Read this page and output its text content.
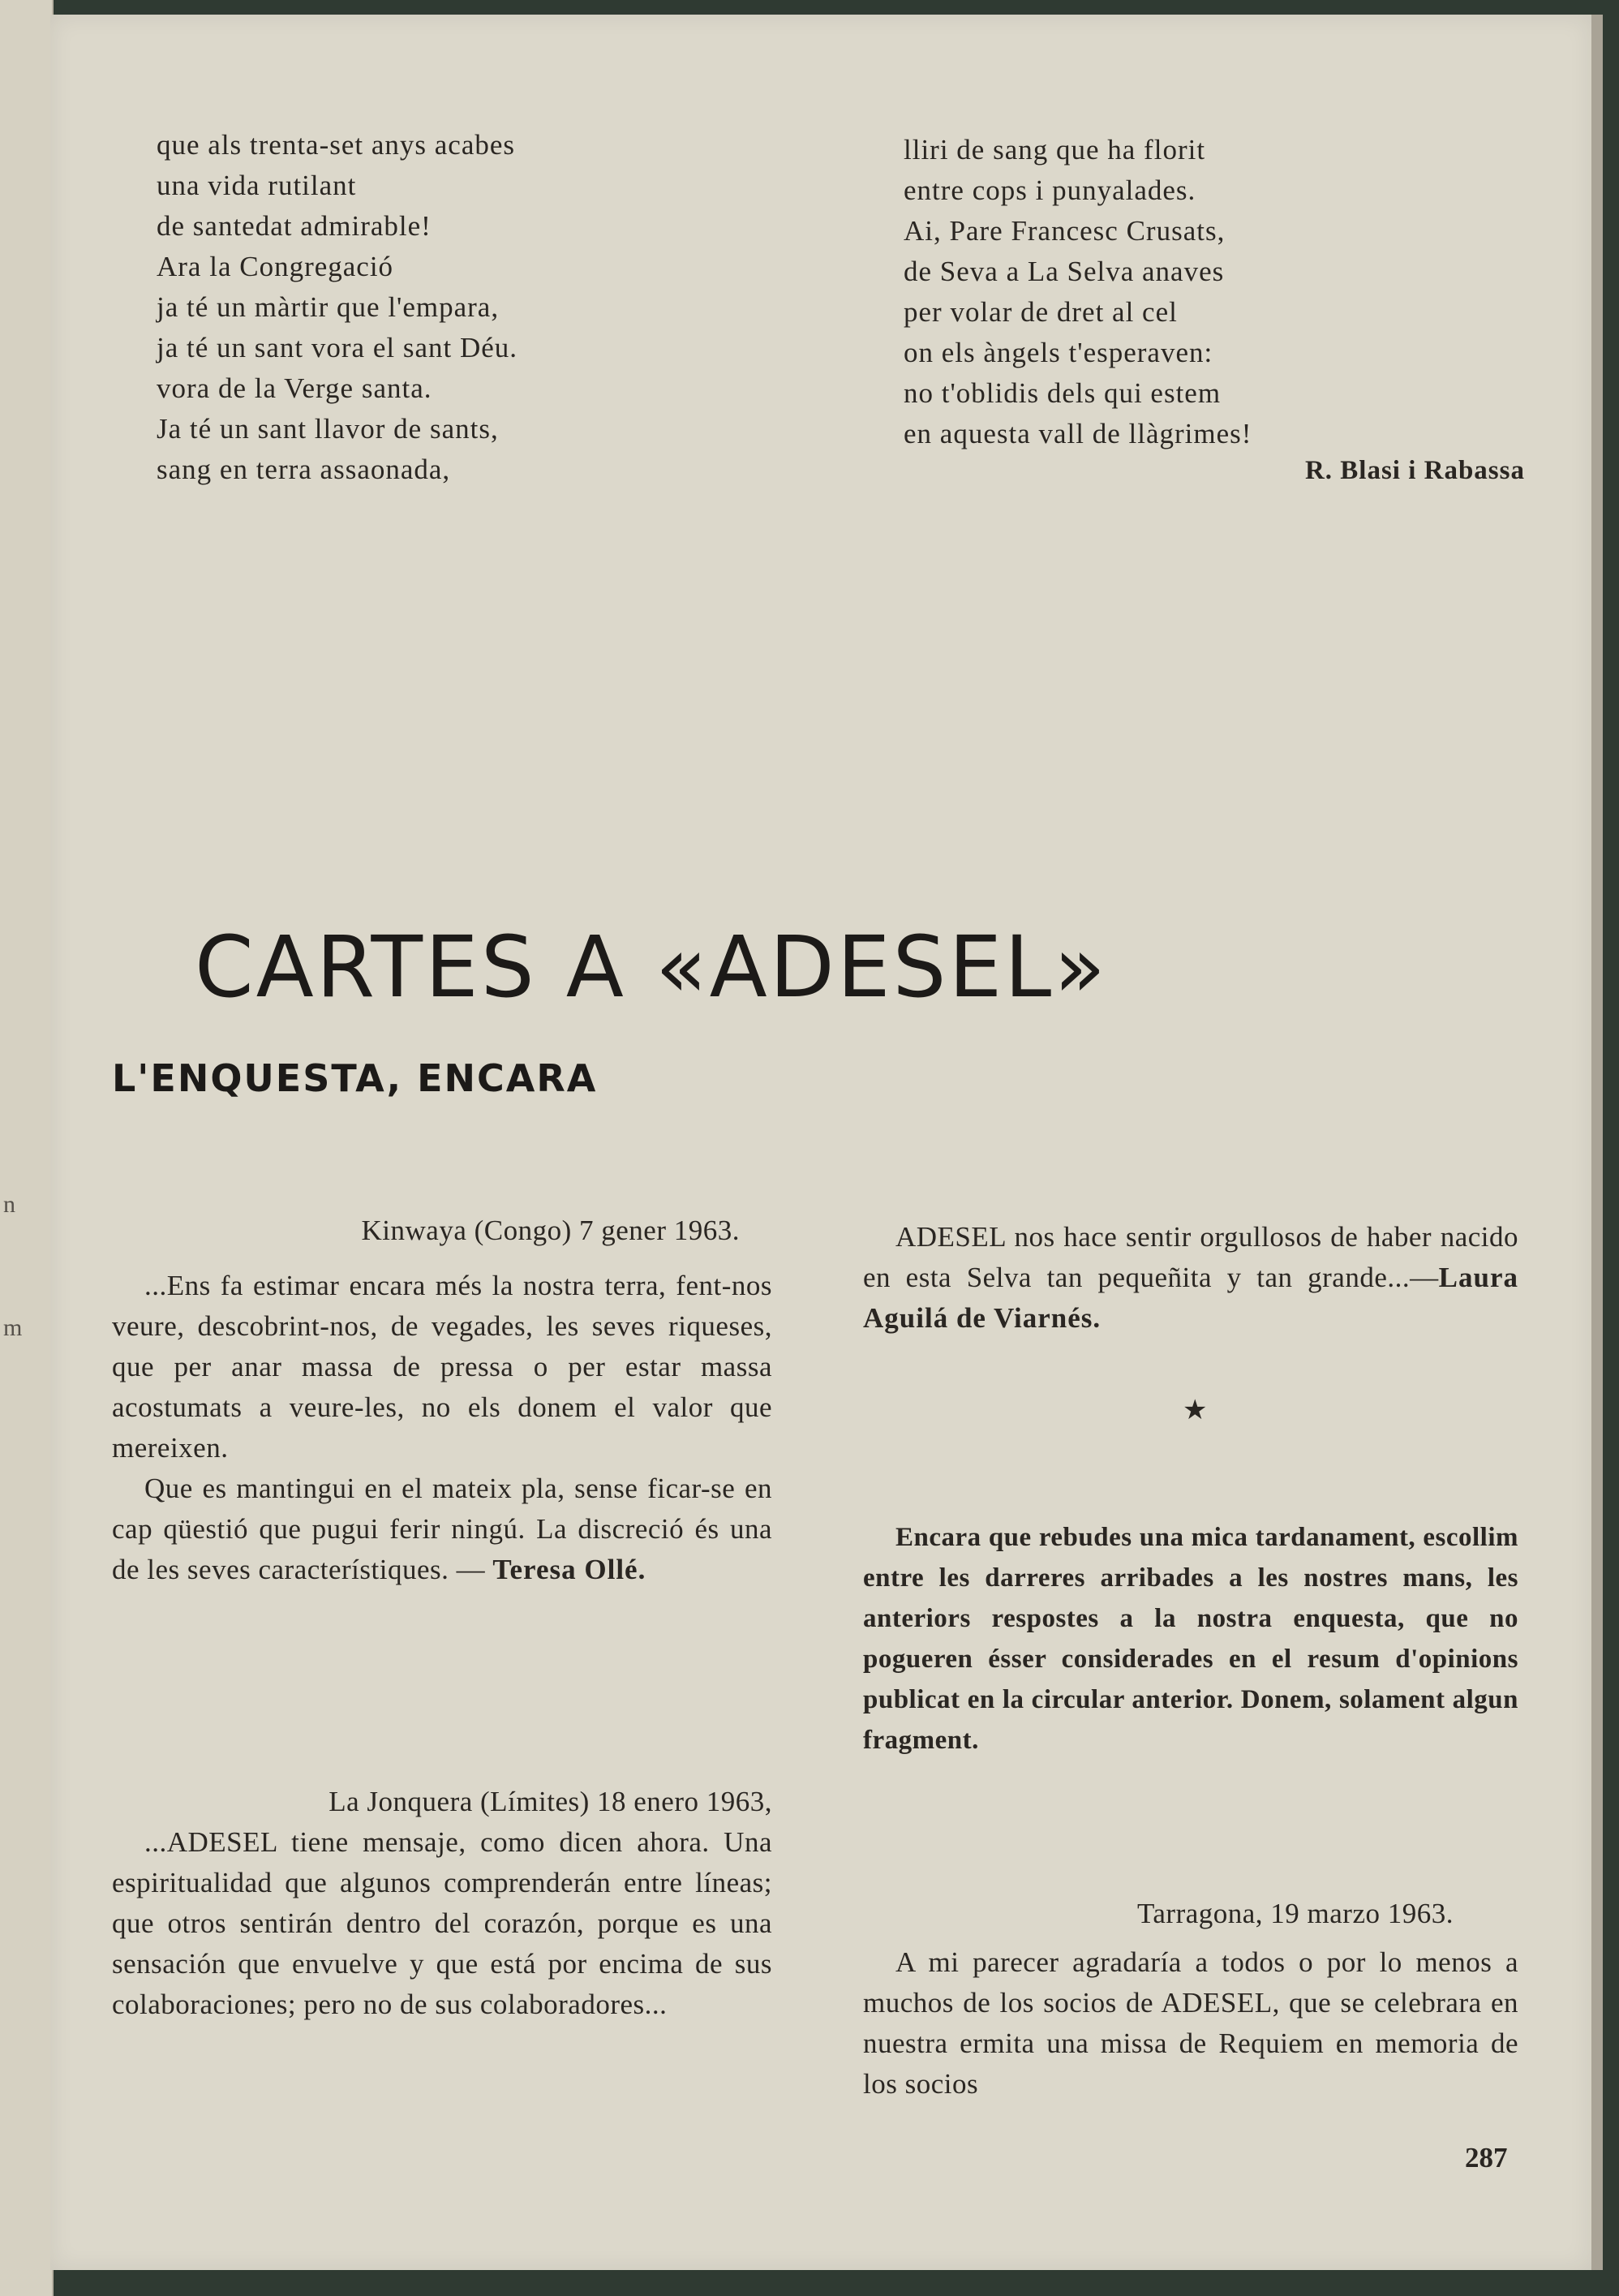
n
m
que als trenta-set anys acabes
una vida rutilant
de santedat admirable!
Ara la Congregació
ja té un màrtir que l'empara,
ja té un sant vora el sant Déu.
vora de la Verge santa.
Ja té un sant llavor de sants,
sang en terra assaonada,
lliri de sang que ha florit
entre cops i punyalades.
Ai, Pare Francesc Crusats,
de Seva a La Selva anaves
per volar de dret al cel
on els àngels t'esperaven:
no t'oblidis dels qui estem
en aquesta vall de llàgrimes!
R. Blasi i Rabassa
CARTES A «ADESEL»
L'ENQUESTA, ENCARA
Kinwaya (Congo) 7 gener 1963.

...Ens fa estimar encara més la nostra terra, fent-nos veure, descobrint-nos, de vegades, les seves riqueses, que per anar massa de pressa o per estar massa acostumats a veure-les, no els donem el valor que mereixen.

Que es mantingui en el mateix pla, sense ficar-se en cap qüestió que pugui ferir ningú. La discreció és una de les seves característiques. — Teresa Ollé.

La Jonquera (Límites) 18 enero 1963,

...ADESEL tiene mensaje, como dicen ahora. Una espiritualidad que algunos comprenderán entre líneas; que otros sentirán dentro del corazón, porque es una sensación que envuelve y que está por encima de sus colaboraciones; pero no de sus colaboradores...

ADESEL nos hace sentir orgullosos de haber nacido en esta Selva tan pequeñita y tan grande...—Laura Aguilá de Viarnés.

★

Encara que rebudes una mica tardanament, escollim entre les darreres arribades a les nostres mans, les anteriors respostes a la nostra enquesta, que no pogueren ésser considerades en el resum d'opinions publicat en la circular anterior. Donem, solament algun fragment.

Tarragona, 19 marzo 1963.

A mi parecer agradaría a todos o por lo menos a muchos de los socios de ADESEL, que se celebrara en nuestra ermita una missa de Requiem en memoria de los socios

287
